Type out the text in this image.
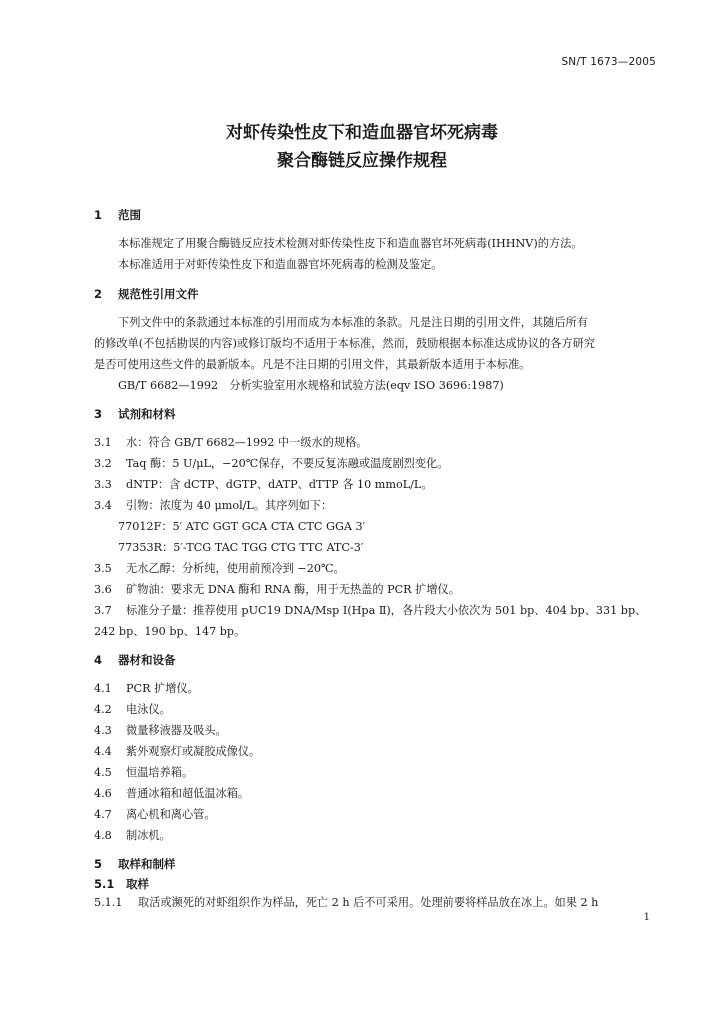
SN/T 1673—2005
对虾传染性皮下和造血器官坏死病毒
聚合酶链反应操作规程
1 范围
本标准规定了用聚合酶链反应技术检测对虾传染性皮下和造血器官坏死病毒(IHHNV)的方法。
本标准适用于对虾传染性皮下和造血器官坏死病毒的检测及鉴定。
2 规范性引用文件
下列文件中的条款通过本标准的引用而成为本标准的条款。凡是注日期的引用文件，其随后所有
的修改单(不包括勘误的内容)或修订版均不适用于本标准，然而，鼓励根据本标准达成协议的各方研究
是否可使用这些文件的最新版本。凡是不注日期的引用文件，其最新版本适用于本标准。
GB/T 6682—1992　分析实验室用水规格和试验方法(eqv ISO 3696:1987)
3 试剂和材料
3.1 水：符合 GB/T 6682—1992 中一级水的规格。
3.2 Taq 酶：5 U/μL，−20℃保存，不要反复冻融或温度剧烈变化。
3.3 dNTP：含 dCTP、dGTP、dATP、dTTP 各 10 mmoL/L。
3.4 引物：浓度为 40 μmol/L。其序列如下：
77012F：5′ ATC GGT GCA CTA CTC GGA 3′
77353R：5′-TCG TAC TGG CTG TTC ATC-3′
3.5 无水乙醇：分析纯，使用前预冷到 −20℃。
3.6 矿物油：要求无 DNA 酶和 RNA 酶，用于无热盖的 PCR 扩增仪。
3.7 标准分子量：推荐使用 pUC19 DNA/Msp Ⅰ(Hpa Ⅱ)，各片段大小依次为 501 bp、404 bp、331 bp、
242 bp、190 bp、147 bp。
4 器材和设备
4.1 PCR 扩增仪。
4.2 电泳仪。
4.3 微量移液器及吸头。
4.4 紫外观察灯或凝胶成像仪。
4.5 恒温培养箱。
4.6 普通冰箱和超低温冰箱。
4.7 离心机和离心管。
4.8 制冰机。
5 取样和制样
5.1 取样
5.1.1 取活或濒死的对虾组织作为样品，死亡 2 h 后不可采用。处理前要将样品放在冰上。如果 2 h
1
